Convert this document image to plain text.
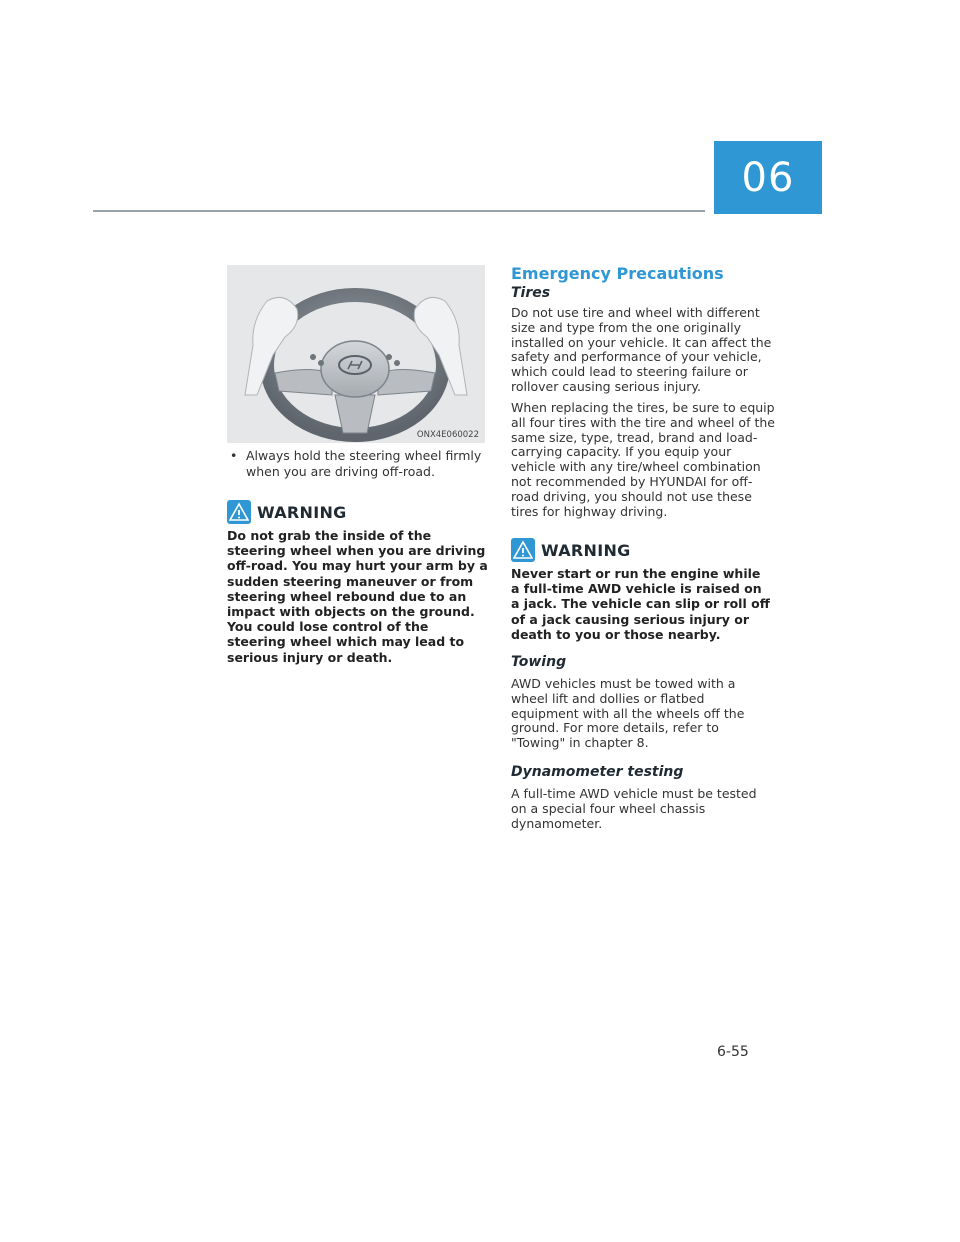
06
ONX4E060022
• Always hold the steering wheel firmly when you are driving off-road.
WARNING
Do not grab the inside of the steering wheel when you are driving off-road. You may hurt your arm by a sudden steering maneuver or from steering wheel rebound due to an impact with objects on the ground. You could lose control of the steering wheel which may lead to serious injury or death.
Emergency Precautions
Tires
Do not use tire and wheel with different size and type from the one originally installed on your vehicle. It can affect the safety and performance of your vehicle, which could lead to steering failure or rollover causing serious injury.
When replacing the tires, be sure to equip all four tires with the tire and wheel of the same size, type, tread, brand and load-carrying capacity. If you equip your vehicle with any tire/wheel combination not recommended by HYUNDAI for off-road driving, you should not use these tires for highway driving.
WARNING
Never start or run the engine while a full-time AWD vehicle is raised on a jack. The vehicle can slip or roll off of a jack causing serious injury or death to you or those nearby.
Towing
AWD vehicles must be towed with a wheel lift and dollies or flatbed equipment with all the wheels off the ground. For more details, refer to "Towing" in chapter 8.
Dynamometer testing
A full-time AWD vehicle must be tested on a special four wheel chassis dynamometer.
6-55
